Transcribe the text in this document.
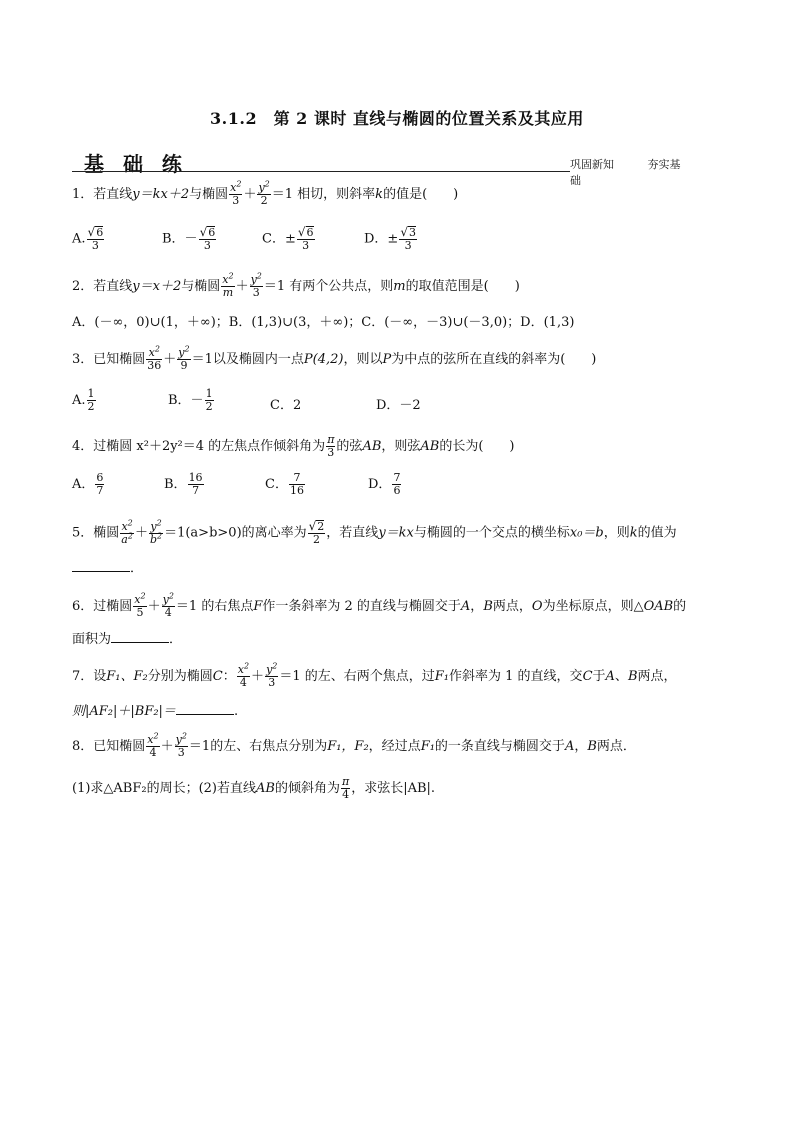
3.1.2　第 2 课时 直线与椭圆的位置关系及其应用
基 础 练	巩固新知	夯实基础
1．若直线y＝kx＋2与椭圆 $\frac{x^2}{3} + \frac{y^2}{2} =1$ 相切，则斜率k的值是(　　)
A. $\frac{√6}{3}$	B．－ $\frac{√6}{3}$	C．± $\frac{√6}{3}$	D．± $\frac{√3}{3}$
2．若直线y＝x＋2与椭圆 $\frac{x^2}{m} + \frac{y^2}{3} =1$ 有两个公共点，则m的取值范围是(　　)
A．(－∞，0)∪(1，＋∞)；B．(1,3)∪(3，＋∞)；C．(－∞，－3)∪(－3,0)；D．(1,3)
3．已知椭圆 $\frac{x^2}{36} + \frac{y^2}{9} =1$以及椭圆内一点P(4,2)，则以P为中点的弦所在直线的斜率为(　　)
A. $\frac{1}{2}$	B．－ $\frac{1}{2}$	C．2	D．－2
4．过椭圆 x²＋2y²＝4 的左焦点作倾斜角为 $\frac{\pi}{3}$ 的弦AB，则弦AB的长为(　　)
A． $\frac{6}{7}$	B． $\frac{16}{7}$	C． $\frac{7}{16}$	D． $\frac{7}{6}$
5．椭圆 $\frac{x^2}{a^2} + \frac{y^2}{b^2} =1(a>b>0)$的离心率为 $\frac{√2}{2}$ ，若直线y＝kx与椭圆的一个交点的横坐标x₀＝b，则k的值为
．
6．过椭圆 $\frac{x^2}{5} + \frac{y^2}{4} =1$ 的右焦点F作一条斜率为 2 的直线与椭圆交于A，B两点，O为坐标原点，则△OAB的
面积为	．
7．设F₁、F₂分别为椭圆C： $\frac{x^2}{4} + \frac{y^2}{3} =1$ 的左、右两个焦点，过F₁作斜率为 1 的直线，交C于A、B两点，
则|AF₂|＋|BF₂|＝	.
8．已知椭圆 $\frac{x^2}{4} + \frac{y^2}{3} =1$的左、右焦点分别为F₁，F₂，经过点F₁的一条直线与椭圆交于A，B两点．
(1)求△ABF₂的周长；(2)若直线AB的倾斜角为 $\frac{\pi}{4}$ ，求弦长|AB|.
